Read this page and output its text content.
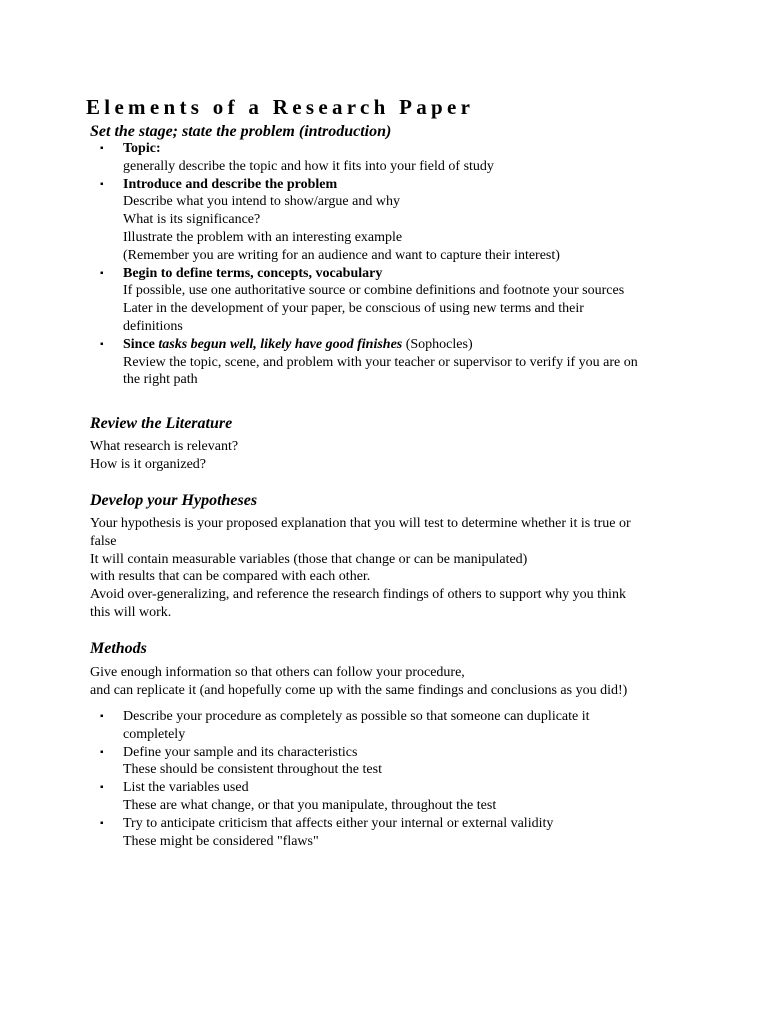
Elements of a Research Paper
Set the stage; state the problem (introduction)
▪ Topic:
generally describe the topic and how it fits into your field of study
▪ Introduce and describe the problem
Describe what you intend to show/argue and why
What is its significance?
Illustrate the problem with an interesting example
(Remember you are writing for an audience and want to capture their interest)
▪ Begin to define terms, concepts, vocabulary
If possible, use one authoritative source or combine definitions and footnote your sources
Later in the development of your paper, be conscious of using new terms and their
definitions
▪ Since tasks begun well, likely have good finishes (Sophocles)
Review the topic, scene, and problem with your teacher or supervisor to verify if you are on
the right path
Review the Literature
What research is relevant?
How is it organized?
Develop your Hypotheses
Your hypothesis is your proposed explanation that you will test to determine whether it is true or
false
It will contain measurable variables (those that change or can be manipulated)
with results that can be compared with each other.
Avoid over-generalizing, and reference the research findings of others to support why you think
this will work.
Methods
Give enough information so that others can follow your procedure,
and can replicate it (and hopefully come up with the same findings and conclusions as you did!)
▪ Describe your procedure as completely as possible so that someone can duplicate it
completely
▪ Define your sample and its characteristics
These should be consistent throughout the test
▪ List the variables used
These are what change, or that you manipulate, throughout the test
▪ Try to anticipate criticism that affects either your internal or external validity
These might be considered "flaws"
